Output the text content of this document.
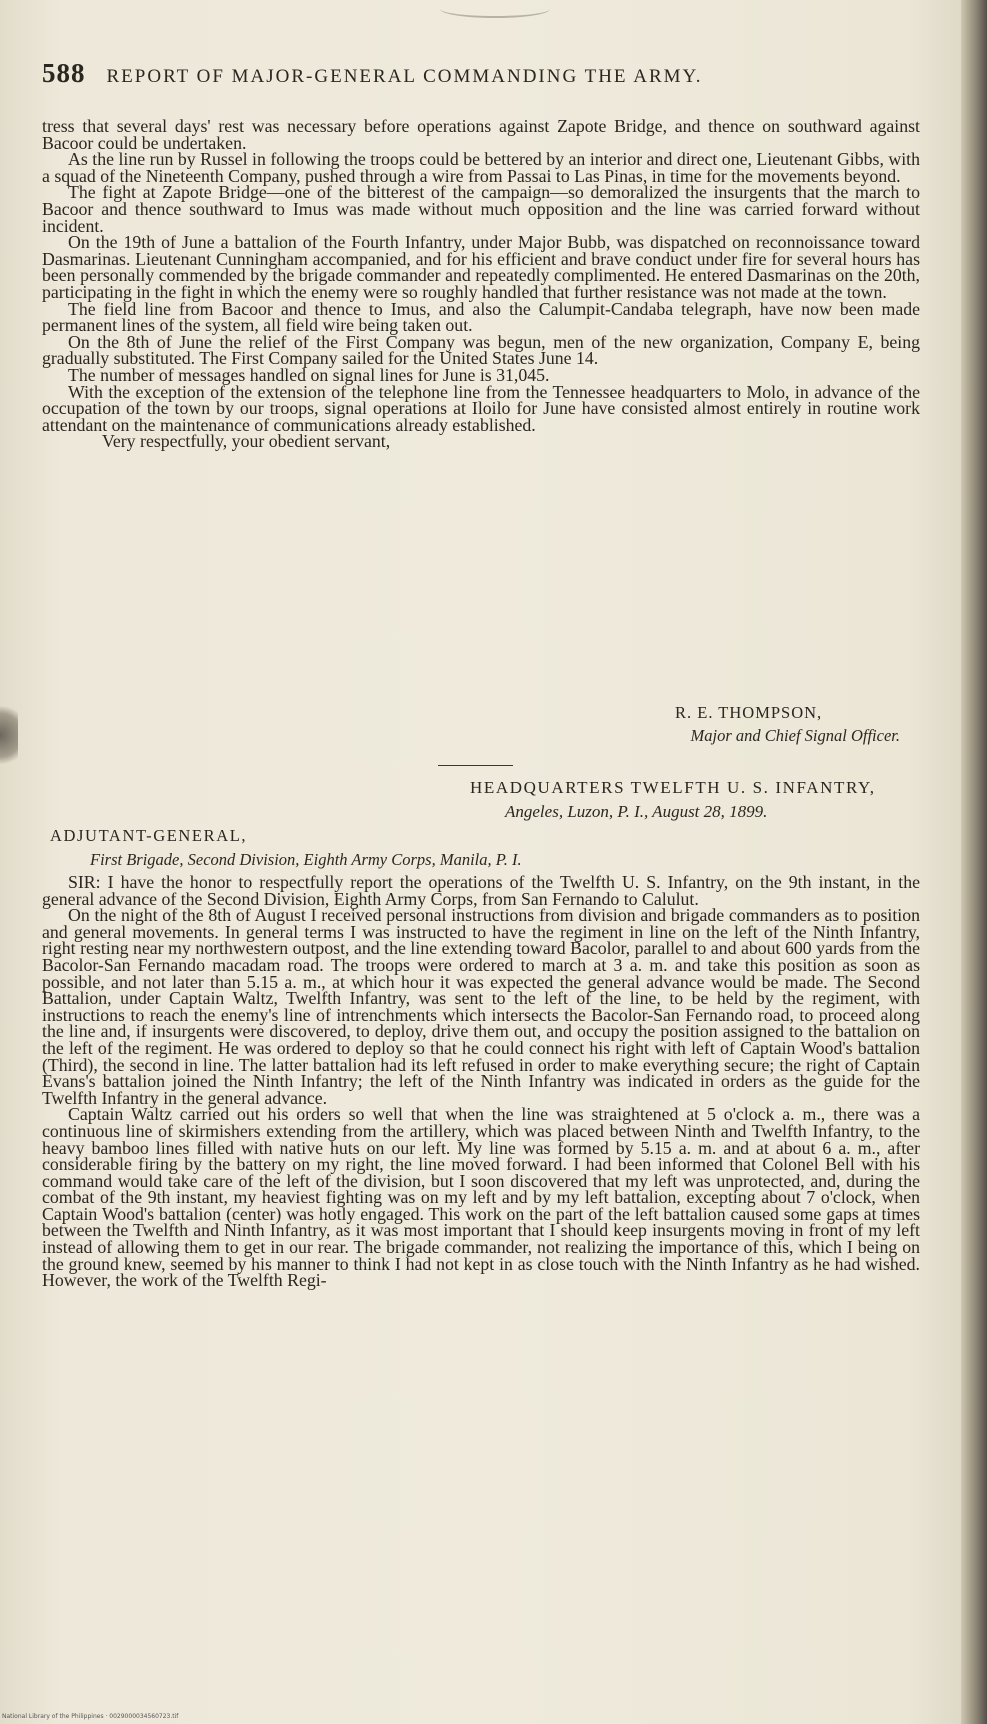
588 REPORT OF MAJOR-GENERAL COMMANDING THE ARMY.

tress that several days' rest was necessary before operations against Zapote Bridge, and thence on southward against Bacoor could be undertaken.

As the line run by Russel in following the troops could be bettered by an interior and direct one, Lieutenant Gibbs, with a squad of the Nineteenth Company, pushed through a wire from Passai to Las Pinas, in time for the movements beyond.

The fight at Zapote Bridge—one of the bitterest of the campaign—so demoralized the insurgents that the march to Bacoor and thence southward to Imus was made without much opposition and the line was carried forward without incident.

On the 19th of June a battalion of the Fourth Infantry, under Major Bubb, was dispatched on reconnoissance toward Dasmarinas. Lieutenant Cunningham accompanied, and for his efficient and brave conduct under fire for several hours has been personally commended by the brigade commander and repeatedly complimented. He entered Dasmarinas on the 20th, participating in the fight in which the enemy were so roughly handled that further resistance was not made at the town.

The field line from Bacoor and thence to Imus, and also the Calumpit-Candaba telegraph, have now been made permanent lines of the system, all field wire being taken out.

On the 8th of June the relief of the First Company was begun, men of the new organization, Company E, being gradually substituted. The First Company sailed for the United States June 14.

The number of messages handled on signal lines for June is 31,045.

With the exception of the extension of the telephone line from the Tennessee headquarters to Molo, in advance of the occupation of the town by our troops, signal operations at Iloilo for June have consisted almost entirely in routine work attendant on the maintenance of communications already established.

Very respectfully, your obedient servant,

R. E. THOMPSON,
Major and Chief Signal Officer.
HEADQUARTERS TWELFTH U. S. INFANTRY,
Angeles, Luzon, P. I., August 28, 1899.
ADJUTANT-GENERAL,
First Brigade, Second Division, Eighth Army Corps, Manila, P. I.

SIR: I have the honor to respectfully report the operations of the Twelfth U. S. Infantry, on the 9th instant, in the general advance of the Second Division, Eighth Army Corps, from San Fernando to Calulut.

On the night of the 8th of August I received personal instructions from division and brigade commanders as to position and general movements. In general terms I was instructed to have the regiment in line on the left of the Ninth Infantry, right resting near my northwestern outpost, and the line extending toward Bacolor, parallel to and about 600 yards from the Bacolor-San Fernando macadam road. The troops were ordered to march at 3 a. m. and take this position as soon as possible, and not later than 5.15 a. m., at which hour it was expected the general advance would be made. The Second Battalion, under Captain Waltz, Twelfth Infantry, was sent to the left of the line, to be held by the regiment, with instructions to reach the enemy's line of intrenchments which intersects the Bacolor-San Fernando road, to proceed along the line and, if insurgents were discovered, to deploy, drive them out, and occupy the position assigned to the battalion on the left of the regiment. He was ordered to deploy so that he could connect his right with left of Captain Wood's battalion (Third), the second in line. The latter battalion had its left refused in order to make everything secure; the right of Captain Evans's battalion joined the Ninth Infantry; the left of the Ninth Infantry was indicated in orders as the guide for the Twelfth Infantry in the general advance.

Captain Waltz carried out his orders so well that when the line was straightened at 5 o'clock a. m., there was a continuous line of skirmishers extending from the artillery, which was placed between Ninth and Twelfth Infantry, to the heavy bamboo lines filled with native huts on our left. My line was formed by 5.15 a. m. and at about 6 a. m., after considerable firing by the battery on my right, the line moved forward. I had been informed that Colonel Bell with his command would take care of the left of the division, but I soon discovered that my left was unprotected, and, during the combat of the 9th instant, my heaviest fighting was on my left and by my left battalion, excepting about 7 o'clock, when Captain Wood's battalion (center) was hotly engaged. This work on the part of the left battalion caused some gaps at times between the Twelfth and Ninth Infantry, as it was most important that I should keep insurgents moving in front of my left instead of allowing them to get in our rear. The brigade commander, not realizing the importance of this, which I being on the ground knew, seemed by his manner to think I had not kept in as close touch with the Ninth Infantry as he had wished. However, the work of the Twelfth Regi-

National Library of the Philippines · 0029000034560723.tif
